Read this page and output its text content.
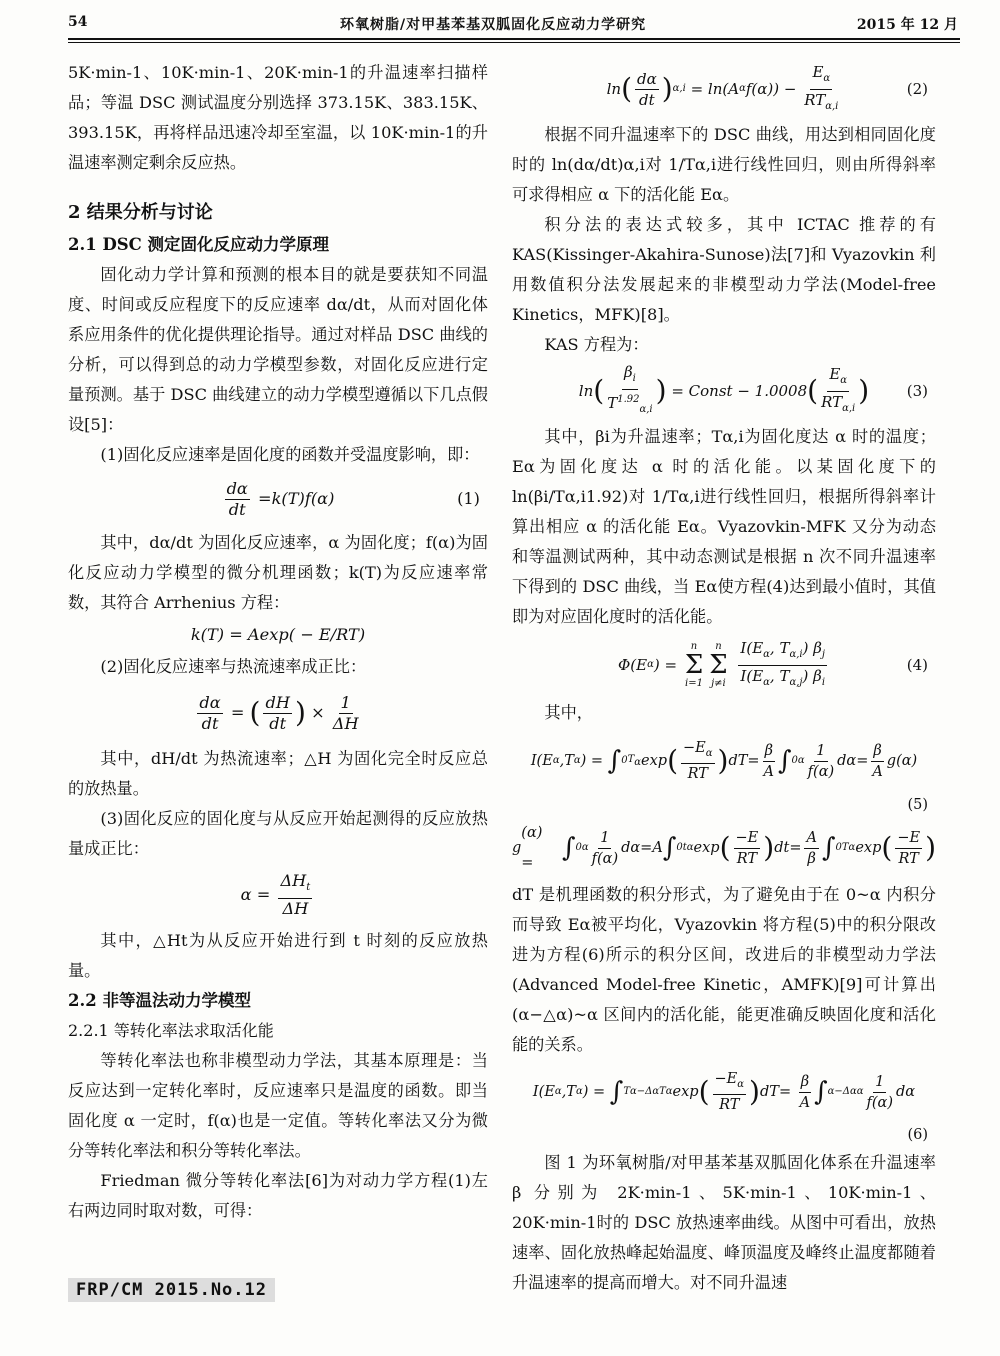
54	环氧树脂/对甲基苯基双胍固化反应动力学研究	2015 年 12 月

5K·min-1、10K·min-1、20K·min-1的升温速率扫描样品；等温 DSC 测试温度分别选择 373.15K、383.15K、393.15K，再将样品迅速冷却至室温，以 10K·min-1的升温速率测定剩余反应热。

2 结果分析与讨论

2.1 DSC 测定固化反应动力学原理

固化动力学计算和预测的根本目的就是要获知不同温度、时间或反应程度下的反应速率 dα/dt，从而对固化体系应用条件的优化提供理论指导。通过对样品 DSC 曲线的分析，可以得到总的动力学模型参数，对固化反应进行定量预测。基于 DSC 曲线建立的动力学模型遵循以下几点假设[5]：

(1)固化反应速率是固化度的函数并受温度影响，即：

$\frac{d\alpha}{dt} = k$ ( T ) f (α)	(1)

其中，dα/dt 为固化反应速率，α 为固化度；f(α)为固化反应动力学模型的微分机理函数；k(T)为反应速率常数，其符合 Arrhenius 方程：

k(T) = Aexp( − E/RT)

(2)固化反应速率与热流速率成正比：

$\frac{d\alpha}{dt}$ = ( $\frac{dH}{dt}$ ) × $\frac{1}{\Delta H}$

其中，dH/dt 为热流速率；△H 为固化完全时反应总的放热量。

(3)固化反应的固化度与从反应开始起测得的反应放热量成正比：

$\alpha = \frac{\Delta H_t}{\Delta H}$

其中，△Ht为从反应开始进行到 t 时刻的反应放热量。

2.2 非等温法动力学模型

2.2.1 等转化率法求取活化能

等转化率法也称非模型动力学法，其基本原理是：当反应达到一定转化率时，反应速率只是温度的函数。即当固化度 α 一定时，f(α)也是一定值。等转化率法又分为微分等转化率法和积分等转化率法。

Friedman 微分等转化率法[6]为对动力学方程(1)左右两边同时取对数，可得：

ln ( $\frac{d\alpha}{dt}$ ) α,i = ln( A α f $(\alpha)) - \frac{E_\alpha}{RT_{\alpha,i}}$	(2)

根据不同升温速率下的 DSC 曲线，用达到相同固化度时的 ln(dα/dt)α,i对 1/Tα,i进行线性回归，则由所得斜率可求得相应 α 下的活化能 Eα。

积分法的表达式较多，其中 ICTAC 推荐的有 KAS(Kissinger-Akahira-Sunose)法[7]和 Vyazovkin 利用数值积分法发展起来的非模型动力学法(Model-free Kinetics，MFK)[8]。

KAS 方程为：

ln ( $\frac{\beta_i}{T^{1.92}_{\alpha,i}}$ ) = Const − 1.0008 ( $\frac{E_\alpha}{RT_{\alpha,i}}$ )	(3)

其中，βi为升温速率；Tα,i为固化度达 α 时的温度；Eα为固化度达 α 时的活化能。以某固化度下的 ln(βi/Tα,i1.92)对 1/Tα,i进行线性回归，根据所得斜率计算出相应 α 的活化能 Eα。Vyazovkin-MFK 又分为动态和等温测试两种，其中动态测试是根据 n 次不同升温速率下得到的 DSC 曲线，当 Eα使方程(4)达到最小值时，其值即为对应固化度时的活化能。

Φ( E α ) =
n
Σ
i=1
n
Σ
j≠i
$\frac{I(E_\alpha, T_{\alpha,i}) \beta_j}{I(E_\alpha, T_{\alpha,j}) \beta_i}$	(4)

其中，

I ( E α , T α ) = ∫ 0 $T_\alpha$ exp ( $\frac{-E_\alpha}{RT}$ ) d $T = \frac{\beta}{A}$ ∫ 0 α $\frac{1}{f(\alpha)} d\alpha= \frac{\beta}{A}$ g (α)
(5)
g
(α) = ∫ 0 α $\frac{1}{f(\alpha)} d\alpha= A$ ∫ 0 tα exp ( $\frac{-E}{RT}$ ) d $t = \frac{A}{\beta}$ ∫ 0 Tα exp ( $\frac{-E}{RT}$ )

dT 是机理函数的积分形式，为了避免由于在 0~α 内积分而导致 Eα被平均化，Vyazovkin 将方程(5)中的积分限改进为方程(6)所示的积分区间，改进后的非模型动力学法(Advanced Model-free Kinetic，AMFK)[9]可计算出(α−△α)~α 区间内的活化能，能更准确反映固化度和活化能的关系。

I ( E α , T α ) = ∫ Tα−Δα Tα exp ( $\frac{-E_\alpha}{RT}$ ) d $T = \frac{\beta}{A}$ ∫ α−Δα α $\frac{1}{f(\alpha)}$ dα
(6)

图 1 为环氧树脂/对甲基苯基双胍固化体系在升温速率 β 分别为 2K·min-1、5K·min-1、10K·min-1、20K·min-1时的 DSC 放热速率曲线。从图中可看出，放热速率、固化放热峰起始温度、峰顶温度及峰终止温度都随着升温速率的提高而增大。对不同升温速

FRP/CM 2015.No.12
